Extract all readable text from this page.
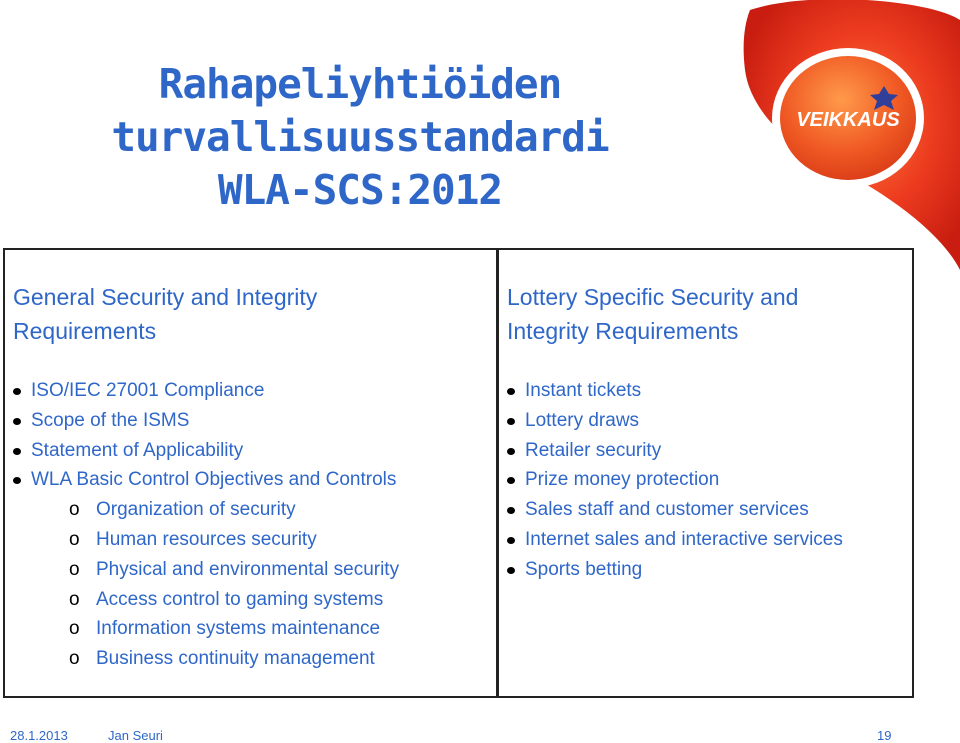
Rahapeliyhtiöiden
turvallisuusstandardi
WLA-SCS:2012
VEIKKAUS
General Security and Integrity
Requirements
ISO/IEC 27001 Compliance
Scope of the ISMS
Statement of Applicability
WLA Basic Control Objectives and Controls
o Organization of security
o Human resources security
o Physical and environmental security
o Access control to gaming systems
o Information systems maintenance
o Business continuity management
Lottery Specific Security and
Integrity Requirements
Instant tickets
Lottery draws
Retailer security
Prize money protection
Sales staff and customer services
Internet sales and interactive services
Sports betting
28.1.2013	Jan Seuri	19
